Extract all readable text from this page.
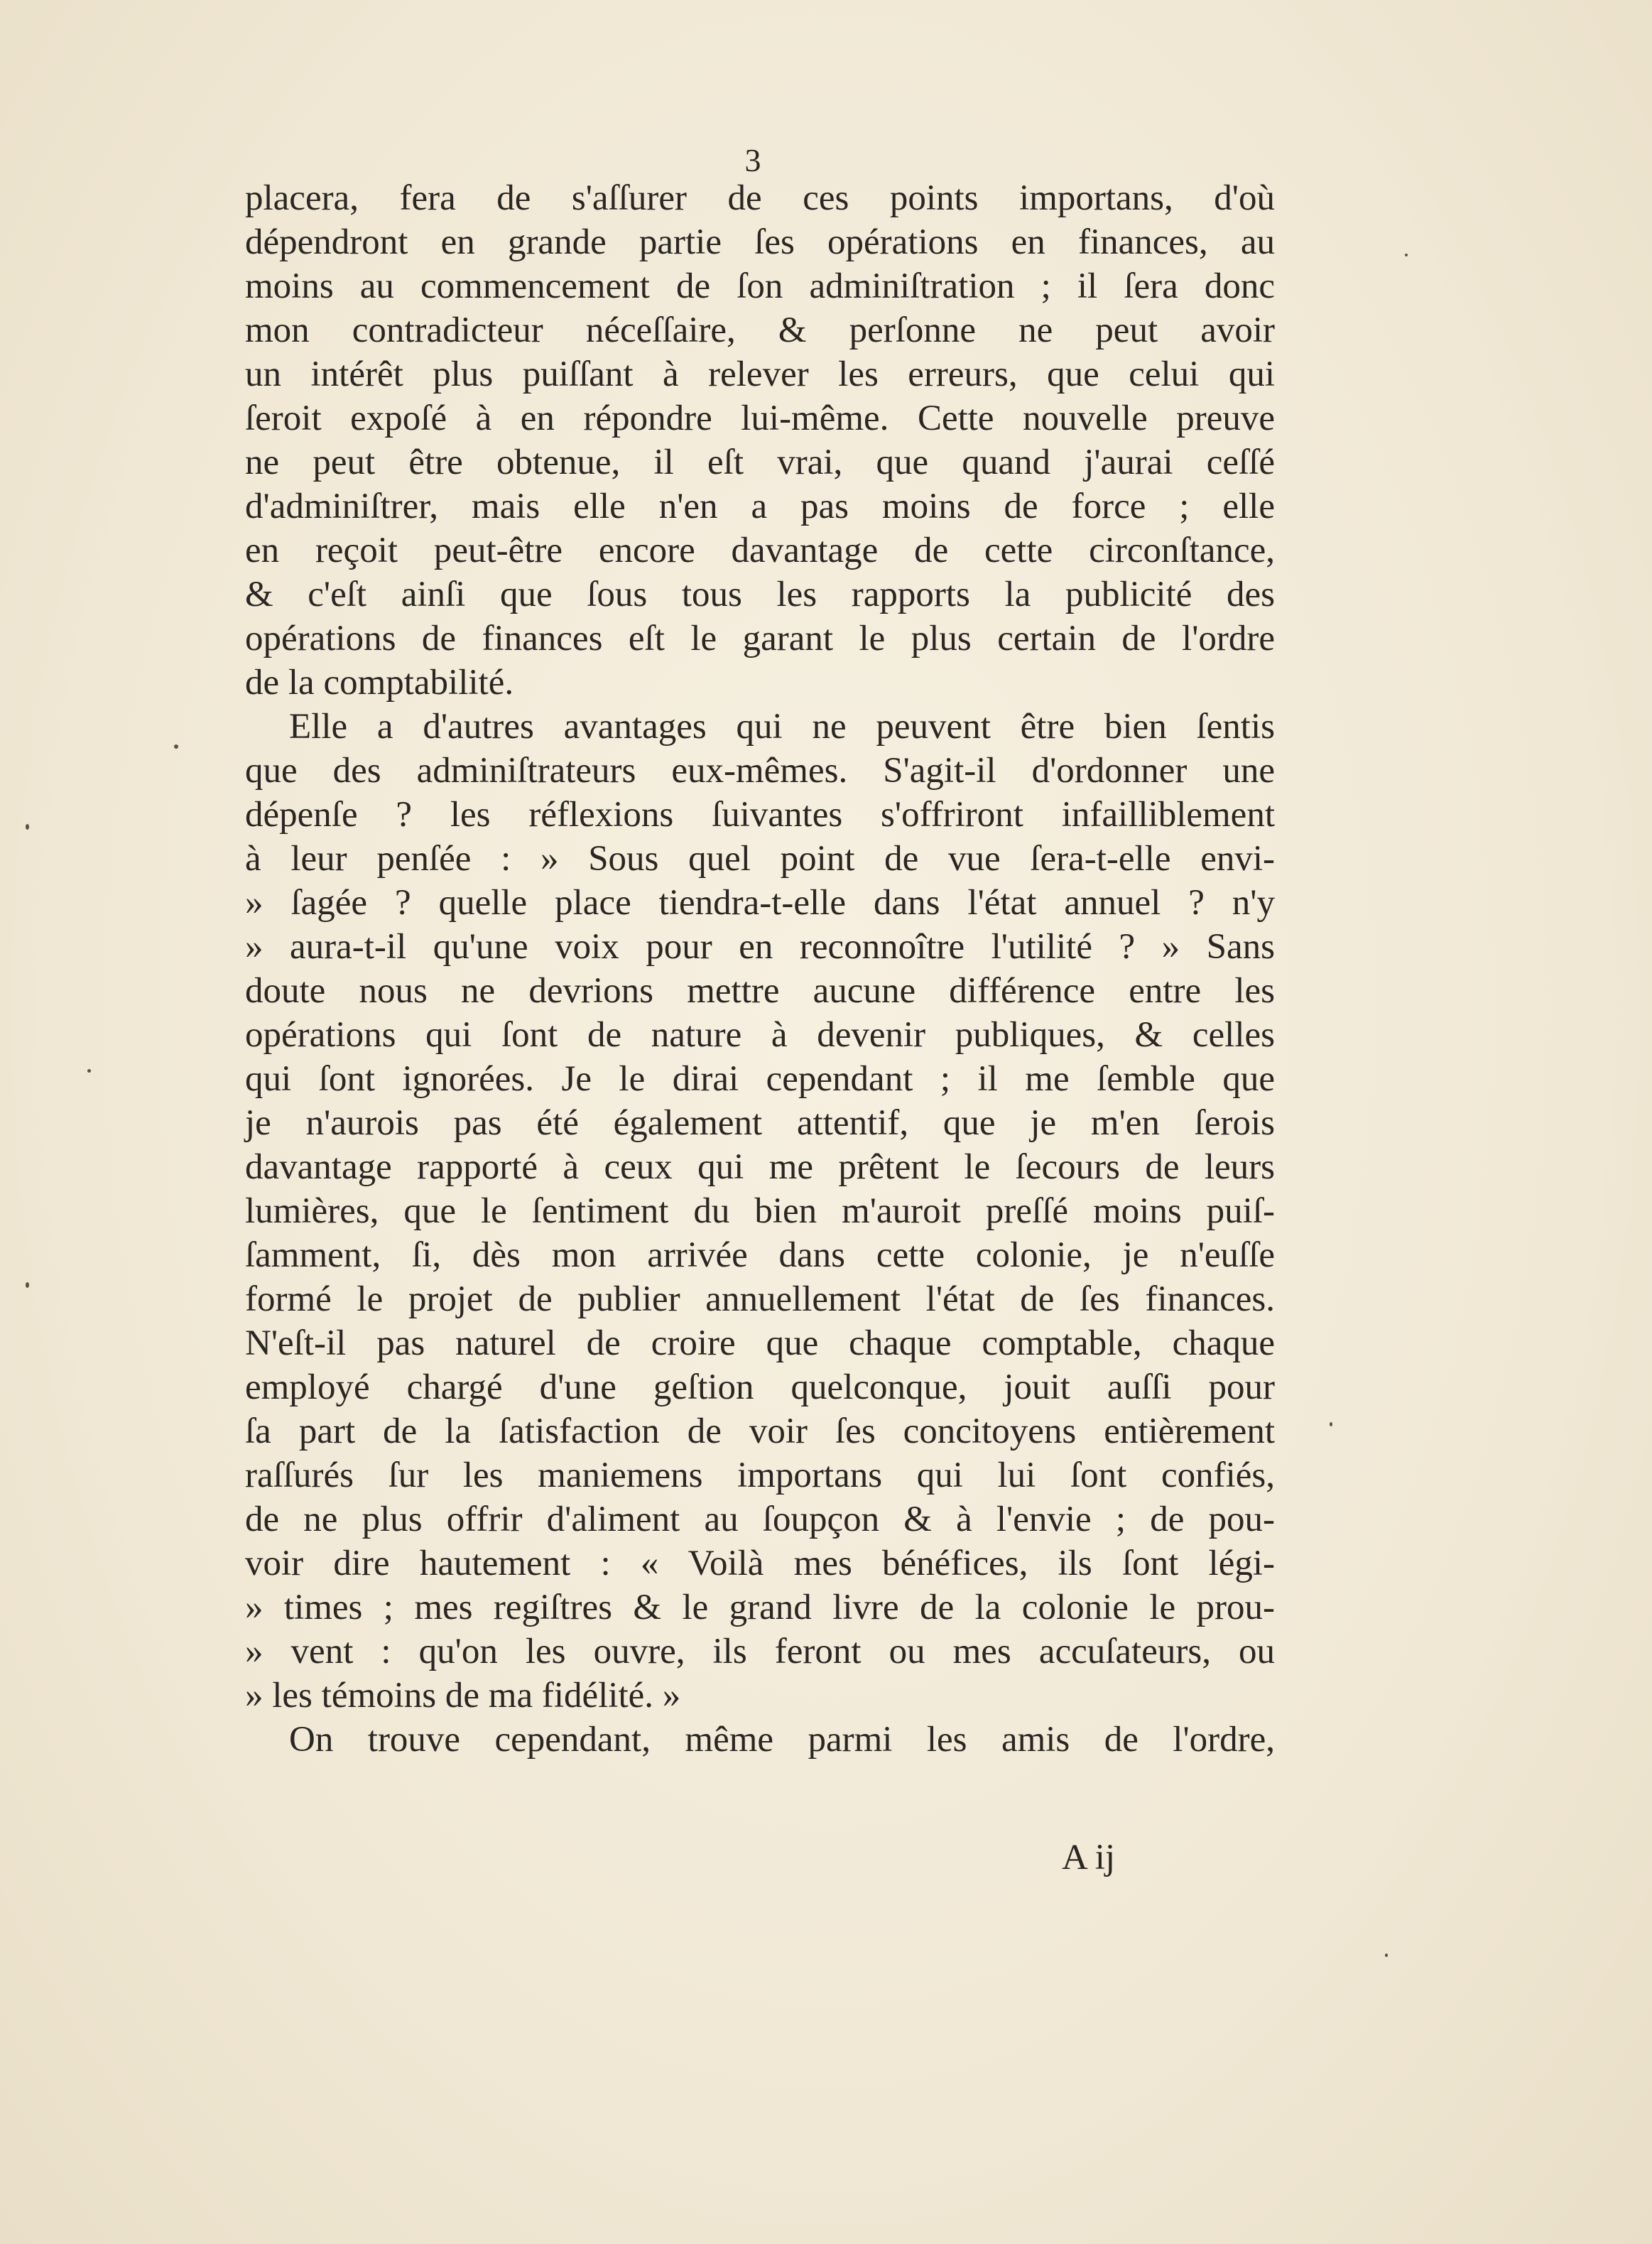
3
placera, fera de s'aſſurer de ces points importans, d'où
dépendront en grande partie ſes opérations en finances, au
moins au commencement de ſon adminiſtration ; il ſera donc
mon contradicteur néceſſaire, & perſonne ne peut avoir
un intérêt plus puiſſant à relever les erreurs, que celui qui
ſeroit expoſé à en répondre lui-même. Cette nouvelle preuve
ne peut être obtenue, il eſt vrai, que quand j'aurai ceſſé
d'adminiſtrer, mais elle n'en a pas moins de force ; elle
en reçoit peut-être encore davantage de cette circonſtance,
& c'eſt ainſi que ſous tous les rapports la publicité des
opérations de finances eſt le garant le plus certain de l'ordre
de la comptabilité.
Elle a d'autres avantages qui ne peuvent être bien ſentis
que des adminiſtrateurs eux-mêmes. S'agit-il d'ordonner une
dépenſe ? les réflexions ſuivantes s'offriront infailliblement
à leur penſée : » Sous quel point de vue ſera-t-elle envi-
» ſagée ? quelle place tiendra-t-elle dans l'état annuel ? n'y
» aura-t-il qu'une voix pour en reconnoître l'utilité ? » Sans
doute nous ne devrions mettre aucune différence entre les
opérations qui ſont de nature à devenir publiques, & celles
qui ſont ignorées. Je le dirai cependant ; il me ſemble que
je n'aurois pas été également attentif, que je m'en ſerois
davantage rapporté à ceux qui me prêtent le ſecours de leurs
lumières, que le ſentiment du bien m'auroit preſſé moins puiſ-
ſamment, ſi, dès mon arrivée dans cette colonie, je n'euſſe
formé le projet de publier annuellement l'état de ſes finances.
N'eſt-il pas naturel de croire que chaque comptable, chaque
employé chargé d'une geſtion quelconque, jouit auſſi pour
ſa part de la ſatisfaction de voir ſes concitoyens entièrement
raſſurés ſur les maniemens importans qui lui ſont confiés,
de ne plus offrir d'aliment au ſoupçon & à l'envie ; de pou-
voir dire hautement : « Voilà mes bénéfices, ils ſont légi-
» times ; mes regiſtres & le grand livre de la colonie le prou-
» vent : qu'on les ouvre, ils feront ou mes accuſateurs, ou
» les témoins de ma fidélité. »
On trouve cependant, même parmi les amis de l'ordre,
A ij
